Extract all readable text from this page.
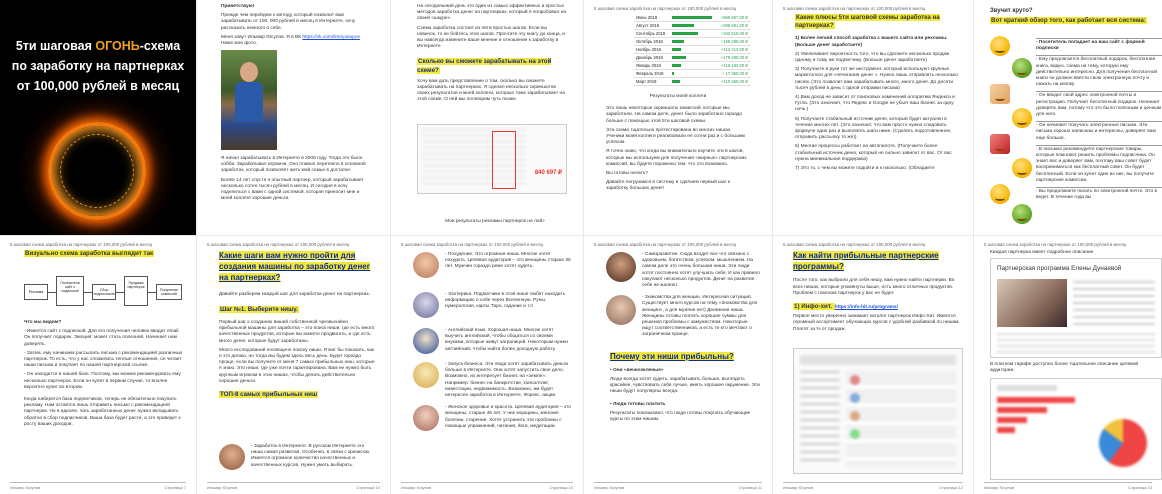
5ти шаговая ОГОНЬ-схема
по заработку на партнерках
от 100,000 рублей в месяц

Приветствую!

Прежде чем перейдем к методу, который позволит вам зарабатывать от 100, 000 рублей в месяц в Интернете, хочу рассказать немного о себе.

Меня зовут Ильмир Юсупов. Я в ВК https://vk.com/ilmiryusupov
Ниже мое фото.

Я начал зарабатывать в Интернете в 2006 году. Тогда это было хобби. Зарабатывал играючи. Оно плавно перетекло в основной заработок, который позволяет жить мой семье в достатке.

Более 14 лет спустя я опытный партнер, который зарабатывает несколько сотен тысяч рублей в месяц. И сегодня я хочу поделиться с вами с одной системой, которая приносит мне и моей коллеге хорошие деньги.

На сегодняшний день это один из самых эффективных и простых методов заработка денег на партнерках, который я попробовал на своей «шкуре».

Схема заработка состоит из пяти простых шагов. Если вы новичок, то не бойтесь этих шагов. Прочтите эту книгу до конца, и вы навсегда измените ваше мнение и отношение к заработку в Интернете.

Сколько вы сможете зарабатывать на этой схеме?

Хочу вам дать представление о том, сколько вы сможете зарабатывать на партнерках. Я сделал несколько скриншотов своих результатов и моей коллеги, которые тоже зарабатывает на этой схеме. О ней мы поговорим чуть позже.

840 697 ₽
Мои результаты рекламы партнерок на лой»
5 шаговая схема заработка на партнерках от 100,000 рублей в месяц
Июнь 2018		+595 667,00 ₽
Август 2018		+296 681,00 ₽
Сентябрь 2018		+342 516,00 ₽
Октябрь 2018		+156 296,00 ₽
Ноябрь 2018		+112 413,00 ₽
Декабрь 2018		+179 490,00 ₽
Январь 2019		+116 193,00 ₽
Февраль 2019		+ 17 360,00 ₽
Март 2019		+110 468,00 ₽

Результаты моей коллеги

Это лишь некоторые скриншоты комиссий, которые мы заработали. На самом деле, денег было заработано гораздо больше с помощью этой 5ти шаговой схемы.

Эта схема тщательно протестирована во многих нишах. Ученики моей коллеги реализовали ее сотни раз и с большим успехом.

Я точно знаю, что когда вы внимательно изучите эти 5 шагов, которые мы используем для получения «жирных» партнерских комиссий, вы будете поражены тем, что это возможно.

Вы готовы начать?

Давайте погрузимся в систему и сделаем первый шаг к заработку больших денег!

5 шаговая схема заработка на партнерках от 100,000 рублей в месяц

Какие плюсы 5ти шаговой схемы заработка на партнерках?

1) Более легкий способ заработка с вашего сайта или рекламы. (Больше денег заработаете)

2) Увеличивает вероятность того, что вы сделаете несколько продаж одному и тому же подписчику. (Больше денег заработаете)

3) Получаете в руки тот же инструмент, который используют крупные маркетологи для «печатания денег ». Нужно лишь отправлять несколько писем. (Это позволит вам зарабатывать много, много денег. До десяти тысяч рублей в день с одной отправки письма)

4) Вам доход не зависит от поисковых изменений алгоритма Яндекса и Гугла. (Это означает, что Яндекс и Google не убьет ваш бизнес за одну ночь.)

5) Получаете стабильный источник денег, который будет актуален в течение многих лет. (Это означает, что вам просто нужно следовать формуле один раз и выполнять шаги ниже. (Сделать подготовленное, отправить рассылку то же))

6) Многие процессы работает на автопилоте. (Получаете более стабильный источник денег, который не сильно зависит от вас. От вас нужна минимальная поддержка)

7) Это то, с чем вы можете подойти и к насколько. (Обладаете

Звучит круто?

Вот краткий обзор того, как работает вся система:

- Посетитель попадает на ваш сайт с формой подписки

- Ему предлагается бесплатный подарок, бесплатная книга, видео, схема на тему, которую ему действительно интересно. Для получения бесплатной книги он должен ввести свою электронную почту и нажать на кнопку

- Он вводит свой адрес электронной почты и регистрацию. Получает бесплатный подарок. Начинает доверять вам, потому что это было полезным и ценным для него.

- Он начинает получать электронные письма. Эти письма хорошо написаны и интересны, доверяет вам еще больше.

- В письмах рекомендуете партнерские товары, которые помогают решить проблемы подписчика. Он знает вас и доверяет вам, поэтому ваш совет будет восприниматься как бесплатный совет. Он будет бесплатный. Если он купит один из них, вы получите партнерские комиссии.

- Вы продолжаете писать по электронной почте. Это в ведет. В течение года вы

5 шаговая схема заработка на партнерках от 100,000 рублей в месяц

Визуально схема заработка выглядит так

Реклама
Посетители сайт с подпиской	Сбор подписчиков
Продажа партнерок
Получение комиссий

Что мы видим?

- Имеется сайт с подпиской. Для его получения человек вводит email. Он получает подарок. Эмоция: может стать полезной. Начинает нам доверять.

- Затем, ему начинаем рассылать письма с рекомендацией различных партнерок. То есть, что у нас сложились теплые отношения, он читает наши письма и покупает по нашей партнерской ссылке.

- Он находится в нашей базе. Поэтому, мы можем рекомендовать ему несколько партнерок. Если он купит в первом случае, то вполне вероятно купит во втором.

Когда наберется база подписчиков, теперь не обязательно покупать рекламу. Нам остается лишь отправить письмо с рекомендацией партнерки. Но в идеале, чать заработанных денег нужно вкладывать обратно в сбор подписчиков. Ваша база будет расти, а это приведет к росту ваших доходов.

Ильмир Юсупов	Страница 7
5 шаговая схема заработка на партнерках от 100,000 рублей в месяц

Какие шаги вам нужно пройти для создания машины по заработку денег на партнерках?

Давайте разберем каждый шаг для заработка денег на партнерках.

Шаг №1. Выберите нишу.

Первый шаг к созданию вашей собственной чрезвычайно прибыльной машины для заработка – это поиск ниши, где есть много качественных продуктов, которые вы можете продвигать, и где есть много денег, которые будут заработаны.

Много исследований посвящено поиску ниши. Я мог бы показать, как я это делаю, но тогда мы будем здесь весь день. Будет гораздо проще, если вы получите от меня 7 самых прибыльных ниш, которые я знаю. Это ниши, где уже почти гарантирована. Вам не нужно быть крупным игроком в этих нишах, чтобы делать действительно хорошие деньги.

ТОП-8 самых прибыльных ниш

- Заработок в Интернете. В русском Интернете это ниша самая развитая. Особенно, в связи с кризисом. Имеется огромное количество качественных и качественных курсов. Нужно уметь выбирать.
Ильмир Юсупов	Страница 10
5 шаговая схема заработка на партнерках от 100,000 рублей в месяц
- Похудение. Это огромная ниша. Многие хотят похудеть. Целевая аудитория – это женщины старше 35 лет. Мужчин гораздо реже хотят худеть.
- Эзотерика. Подписчики в этой нише любят находить информацию о себе через Вселенную. Руны, нумерология, карты Таро, гадание и т.п
- Английский язык. Хорошая ниша. Многие хотят выучить английский, чтобы общаться со своими внуками, которые живут заграницей. Некоторым нужен английский, чтобы найти более доходную работу.
- Запуск бизнеса. Эти люди хотят зарабатывать деньги больше в Интернете. Они хотят запустить свое дело. Возможно, их интересует бизнес на «земле». Например: бизнес на банкротстве, консалтинг, инвестиции, недвижимость. Возможно, им будет интересен заработок в Интернете, Форекс, акции.
- Женское здоровье и красота. Целевая аудитория – это женщины, старше 45 лет. У них морщины, женские болезни, старение. Хотят устранить эти проблемы с помощью упражнений, питания, йоги, медитации.
Ильмир Юсупов	Страница 10
5 шаговая схема заработка на партнерках от 100,000 рублей в месяц
- Саморазвитие. Сюда входит все что связано с здоровьем, богатством, успехом, мышлением. На самом деле это очень большая ниша. Эти люди хотят постоянно хотят улучшать себя. И как правило покупают несколько продуктов. Денег на развитие себя не жалеют.
- Знакомства для женщин. Интересная ситуация. Существует много курсов на тему «Знакомства для женщин», а для мужчин нет) Денежная ниша. Женщины готовы платить хорошие суммы для решения проблемы с замужеством. Некоторые ищут соответственников, а есть те кто мечтают о заграничном принце.

Почему эти ниши прибыльны?

• Они «вечнозеленые»

Люди всегда хотят худеть, зарабатывать больше, выглядеть красивее, чувствовать себя лучше, иметь хорошее окружение. Эти ниши будут популярны всегда.

• Люди готовы платить

Результаты показывают, что люди готовы покупать обучающие курсы по этим нишам.

Ильмир Юсупов	Страница 11
5 шаговая схема заработка на партнерках от 100,000 рублей в месяц

Как найти прибыльные партнерские программы?

После того, как выбрали для себя нишу, вам нужно найти партнерки. Во всех нишах, которые упомянуты выше, есть много отличных продуктов. Проблем с поиском партнерок у вас не будет.

1) Инфо-хит. https://info-hit.ru/programs/

Первое место уверенно занимает каталог партнерок Инфо-Хит. Имеется огромный ассортимент обучающих курсов с удобной разбивкой по нишам. Платят за % от продаж.

Ильмир Юсупов	Страница 12
5 шаговая схема заработка на партнерках от 100,000 рублей в месяц

Каждая партнерка имеет подробное описание

Партнерская программа Елены Дунаевой
В платном тарифе доступно более тщательное описание целевой аудитории.
Ильмир Юсупов	Страница 13
